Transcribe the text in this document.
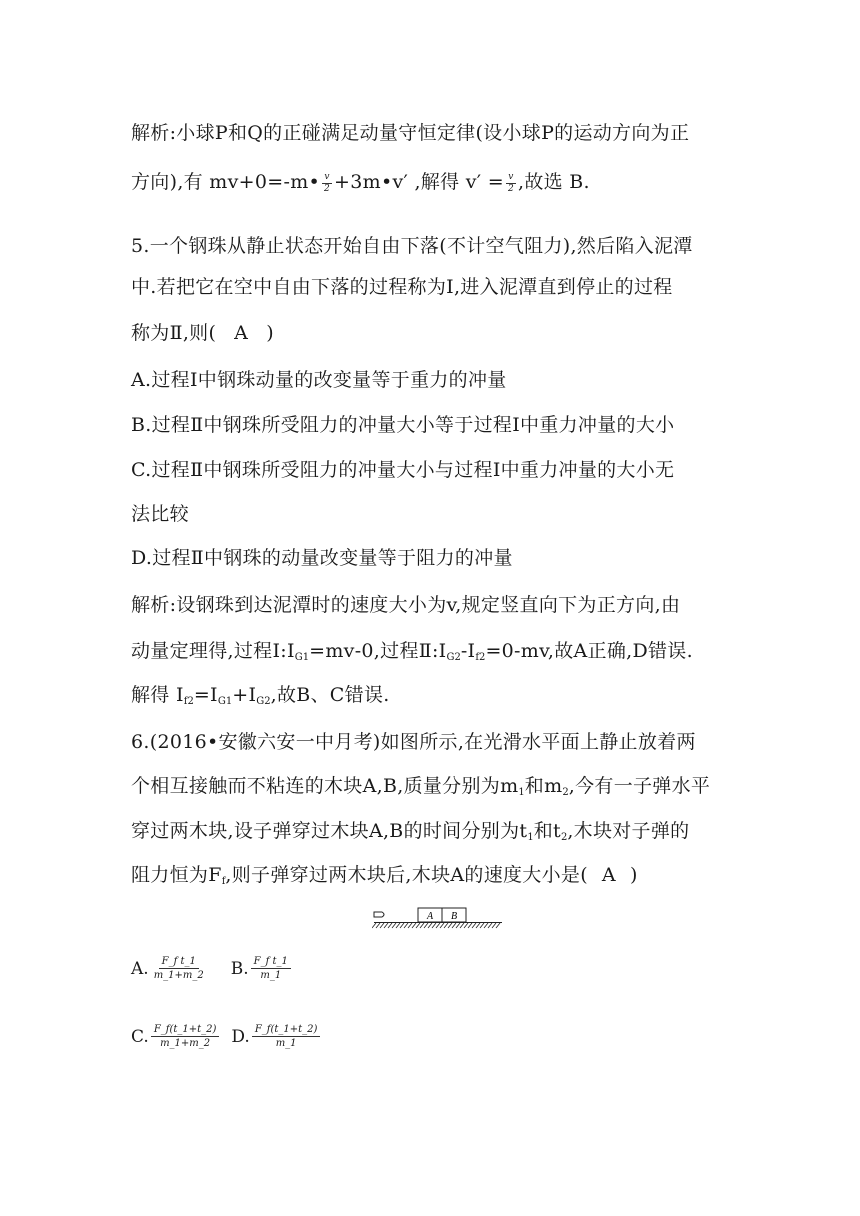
解析:小球P和Q的正碰满足动量守恒定律(设小球P的运动方向为正
方向),有 mv+0=-m• $\frac{v}{2}$ +3m•v′ ,解得 $v' = \frac{v}{2}$ ,故选 B.
5.一个钢珠从静止状态开始自由下落(不计空气阻力),然后陷入泥潭
中.若把它在空中自由下落的过程称为Ⅰ,进入泥潭直到停止的过程
称为Ⅱ,则( A )
A.过程Ⅰ中钢珠动量的改变量等于重力的冲量
B.过程Ⅱ中钢珠所受阻力的冲量大小等于过程Ⅰ中重力冲量的大小
C.过程Ⅱ中钢珠所受阻力的冲量大小与过程Ⅰ中重力冲量的大小无
法比较
D.过程Ⅱ中钢珠的动量改变量等于阻力的冲量
解析:设钢珠到达泥潭时的速度大小为v,规定竖直向下为正方向,由
动量定理得,过程$Ⅰ:I_{G1}=mv-0$,过程$Ⅱ:I_{G2}-I_{f2}=0-mv$,故A正确,D错误.
解得 $I_{f2}=I_{G1}+I_{G2}$,故B、C错误.
6.(2016•安徽六安一中月考)如图所示,在光滑水平面上静止放着两
个相互接触而不粘连的木块A,B,质量分别为$m_1$和$m_2$,今有一子弹水平
穿过两木块,设子弹穿过木块A,B的时间分别为$t_1$和$t_2$,木块对子弹的
阻力恒为$F_f$,则子弹穿过两木块后,木块A的速度大小是( A )
A B
A. $\frac{\text{F\_f t\_1}}{m\_1+m\_2} B$. $\frac{\text{F\_f t\_1}}{m\_1}$
C. $\frac{F\_f(t\_1+t\_2)}{m\_1+m\_2} D$. $\frac{F\_f(t\_1+t\_2)}{m\_1}$
